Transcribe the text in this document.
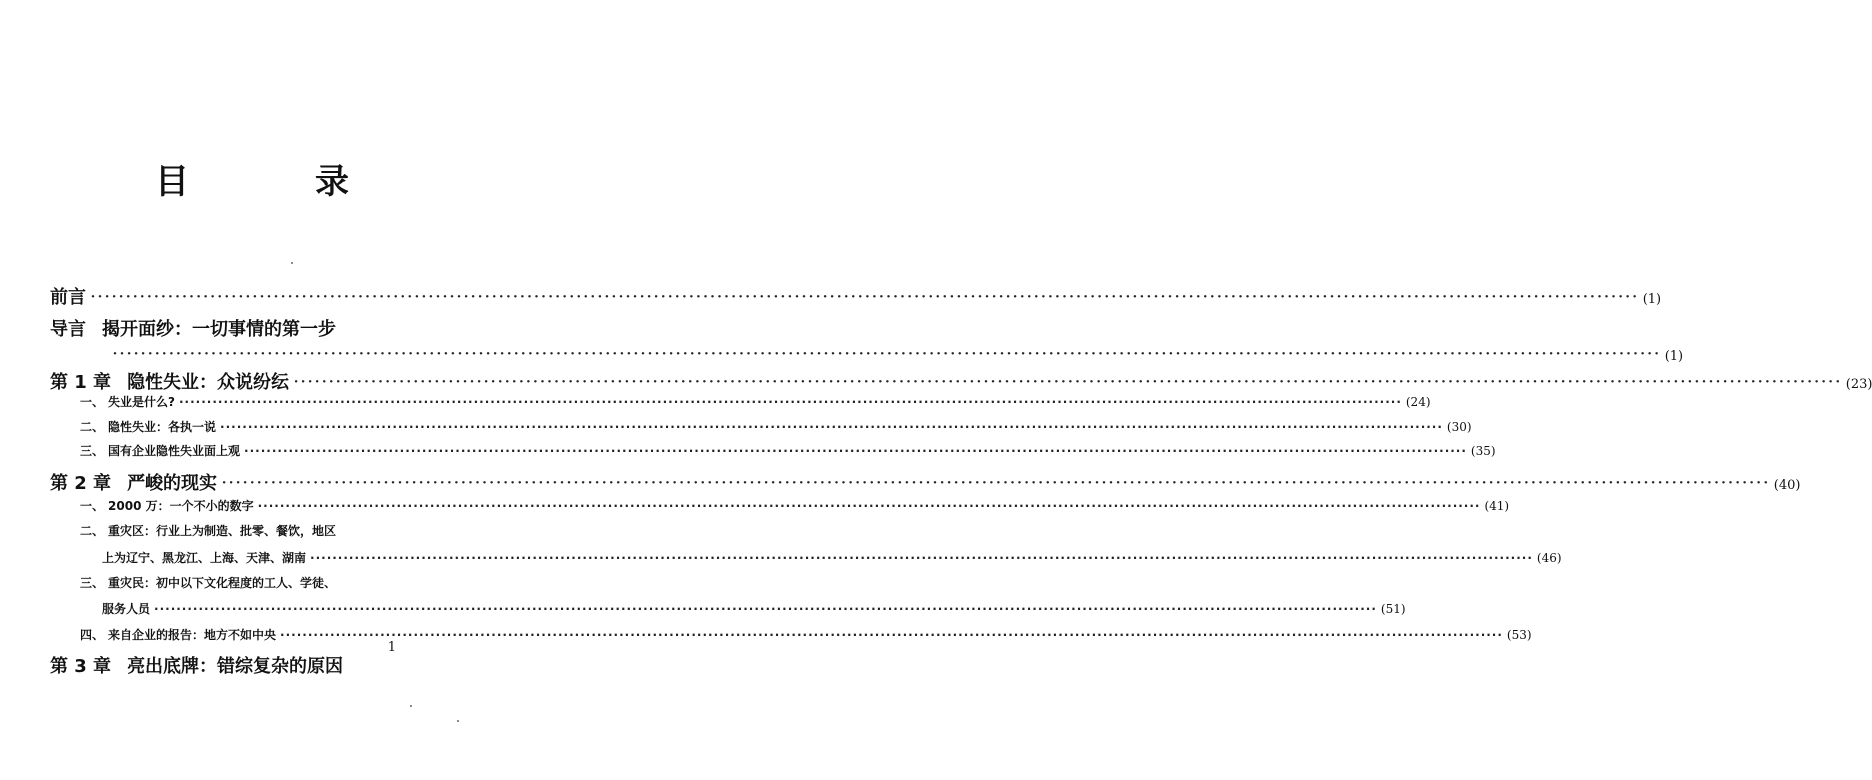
目　录
前言 ···························································································································································································································· (1)
导言 揭开面纱：一切事情的第一步
···························································································································································································································· (1)
第 1 章 隐性失业：众说纷纭 ···························································································································································································································· (23)
一、 失业是什么? ···························································································································································································································· (24)
二、 隐性失业：各执一说 ···························································································································································································································· (30)
三、 国有企业隐性失业面上观 ···························································································································································································································· (35)
第 2 章 严峻的现实 ···························································································································································································································· (40)
一、 2000 万：一个不小的数字 ···························································································································································································································· (41)
二、 重灾区：行业上为制造、批零、餐饮，地区
上为辽宁、黑龙江、上海、天津、湖南 ···························································································································································································································· (46)
三、 重灾民：初中以下文化程度的工人、学徒、
服务人员 ···························································································································································································································· (51)
四、 来自企业的报告：地方不如中央 ···························································································································································································································· (53)
第 3 章 亮出底牌：错综复杂的原因
1
